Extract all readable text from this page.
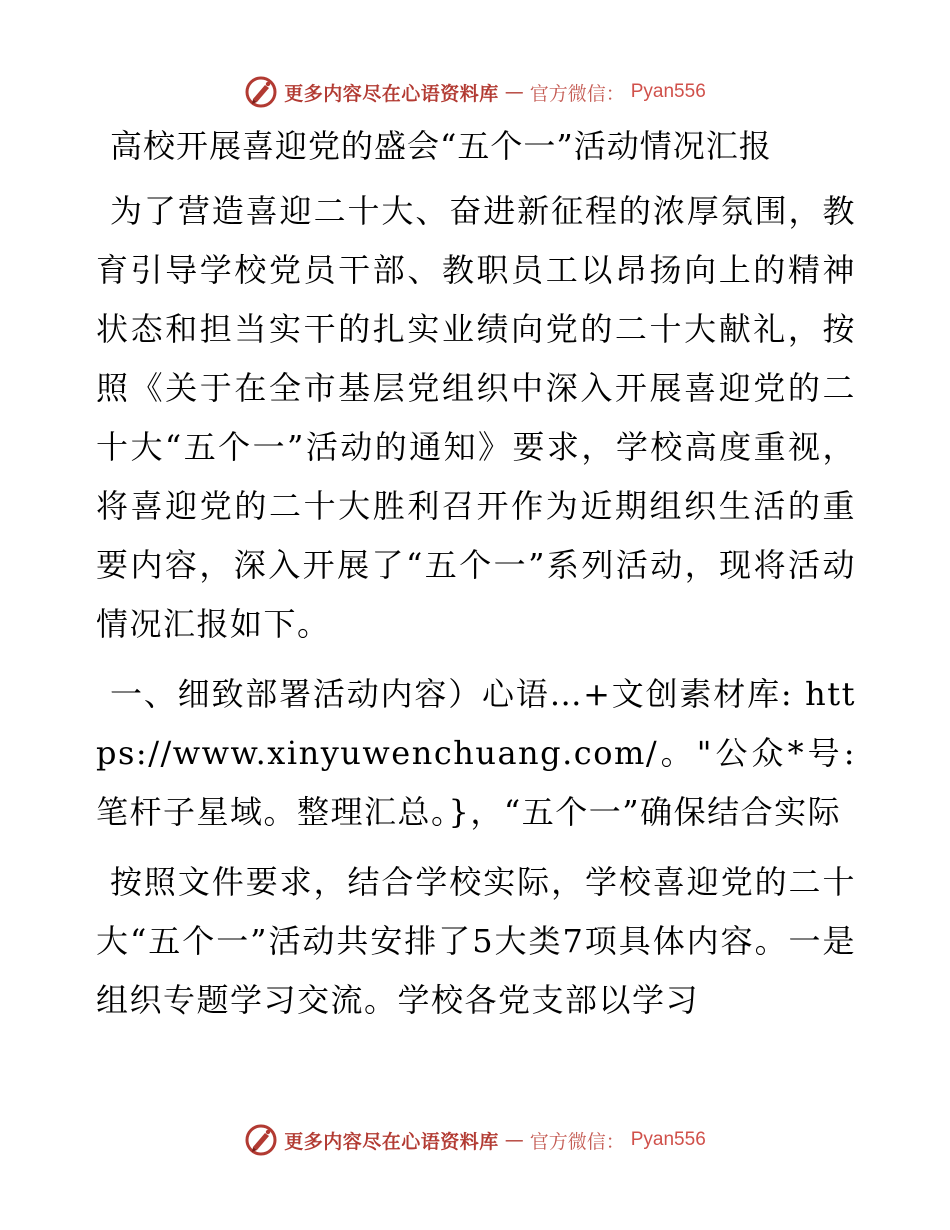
更多内容尽在心语资料库 — 官方微信： Pyan556
高校开展喜迎党的盛会“五个一”活动情况汇报

为了营造喜迎二十大、奋进新征程的浓厚氛围，教育引导学校党员干部、教职员工以昂扬向上的精神状态和担当实干的扎实业绩向党的二十大献礼，按照《关于在全市基层党组织中深入开展喜迎党的二十大“五个一”活动的通知》要求，学校高度重视，将喜迎党的二十大胜利召开作为近期组织生活的重要内容，深入开展了“五个一”系列活动，现将活动情况汇报如下。

一、细致部署活动内容）心语…+文创素材库: https://www.xinyuwenchuang.com/。"公众*号: 笔杆子星域。整理汇总。}，“五个一”确保结合实际

按照文件要求，结合学校实际，学校喜迎党的二十大“五个一”活动共安排了5大类7项具体内容。一是组织专题学习交流。学校各党支部以学习

更多内容尽在心语资料库 — 官方微信： Pyan556
